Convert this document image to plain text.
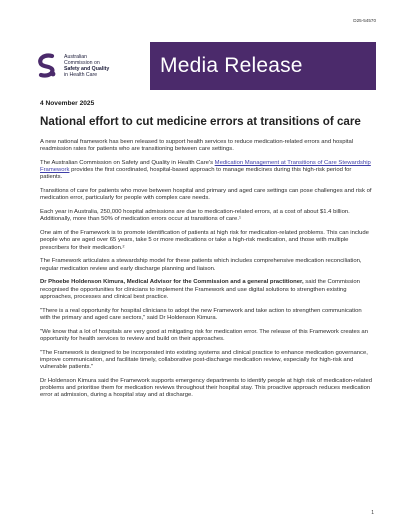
D25-54570
Australian
Commission on
Safety and Quality
in Health Care	Media Release
4 November 2025
National effort to cut medicine errors at transitions of care

A new national framework has been released to support health services to reduce medication-related errors and hospital readmission rates for patients who are transitioning between care settings.

The Australian Commission on Safety and Quality in Health Care's Medication Management at Transitions of Care Stewardship Framework provides the first coordinated, hospital-based approach to manage medicines during this high-risk period for patients.

Transitions of care for patients who move between hospital and primary and aged care settings can pose challenges and risk of medication error, particularly for people with complex care needs.

Each year in Australia, 250,000 hospital admissions are due to medication-related errors, at a cost of about $1.4 billion. Additionally, more than 50% of medication errors occur at transitions of care.¹

One aim of the Framework is to promote identification of patients at high risk for medication-related problems. This can include people who are aged over 65 years, take 5 or more medications or take a high-risk medication, and those with multiple prescribers for their medication.²

The Framework articulates a stewardship model for these patients which includes comprehensive medication reconciliation, regular medication review and early discharge planning and liaison.

Dr Phoebe Holdenson Kimura, Medical Advisor for the Commission and a general practitioner, said the Commission recognised the opportunities for clinicians to implement the Framework and use digital solutions to strengthen existing approaches, processes and clinical best practice.

"There is a real opportunity for hospital clinicians to adopt the new Framework and take action to strengthen communication with the primary and aged care sectors," said Dr Holdenson Kimura.

"We know that a lot of hospitals are very good at mitigating risk for medication error. The release of this Framework creates an opportunity for health services to review and build on their approaches.

"The Framework is designed to be incorporated into existing systems and clinical practice to enhance medication governance, improve communication, and facilitate timely, collaborative post-discharge medication review, especially for high-risk and vulnerable patients."

Dr Holdenson Kimura said the Framework supports emergency departments to identify people at high risk of medication-related problems and prioritise them for medication reviews throughout their hospital stay. This proactive approach reduces medication error at admission, during a hospital stay and at discharge.

1
